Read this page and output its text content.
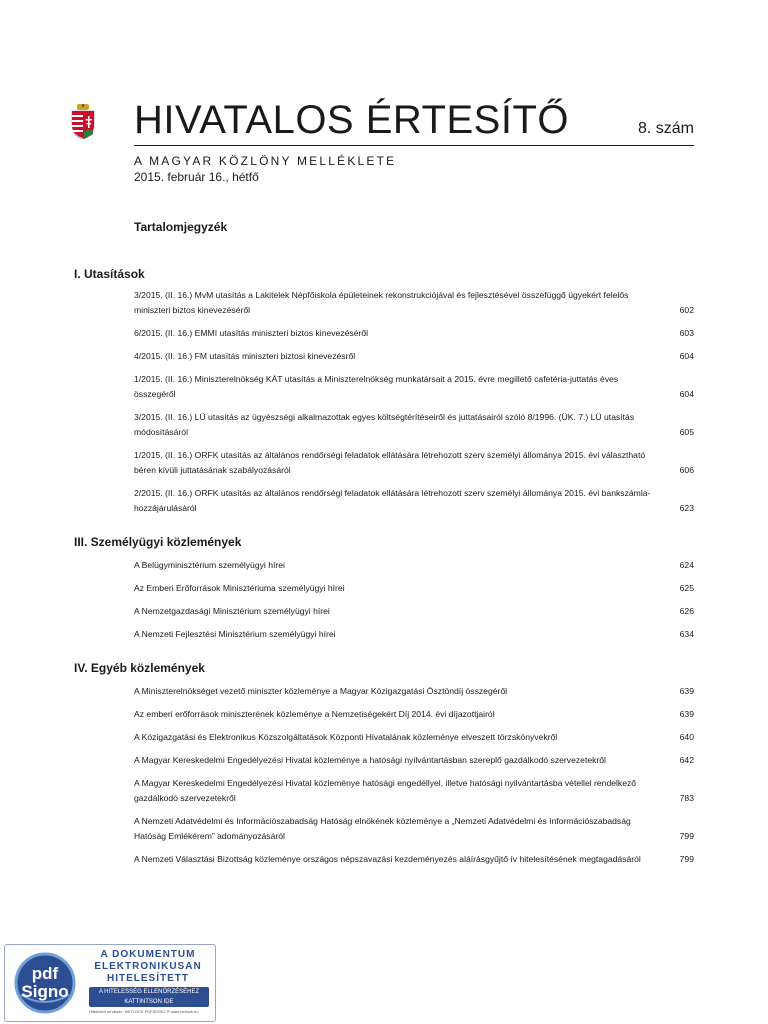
HIVATALOS ÉRTESÍTŐ	8. szám
A MAGYAR KÖZLÖNY MELLÉKLETE
2015. február 16., hétfő
Tartalomjegyzék
I. Utasítások
3/2015. (II. 16.) MvM utasítás a Lakitelek Népfőiskola épületeinek rekonstrukciójával és fejlesztésével összefüggő ügyekért felelős miniszteri biztos kinevezéséről	602
6/2015. (II. 16.) EMMI utasítás miniszteri biztos kinevezéséről	603
4/2015. (II. 16.) FM utasítás miniszteri biztosi kinevezésről	604
1/2015. (II. 16.) Miniszterelnökség KÁT utasítás a Miniszterelnökség munkatársait a 2015. évre megillető cafetéria-juttatás éves összegéről	604
3/2015. (II. 16.) LÜ utasítás az ügyészségi alkalmazottak egyes költségtérítéseiről és juttatásairól szóló 8/1996. (ÜK. 7.) LÜ utasítás módosításáról	605
1/2015. (II. 16.) ORFK utasítás az általános rendőrségi feladatok ellátására létrehozott szerv személyi állománya 2015. évi választható béren kívüli juttatásának szabályozásáról	606
2/2015. (II. 16.) ORFK utasítás az általános rendőrségi feladatok ellátására létrehozott szerv személyi állománya 2015. évi bankszámla-hozzájárulásáról	623
III. Személyügyi közlemények
A Belügyminisztérium személyügyi hírei	624
Az Emberi Erőforrások Minisztériuma személyügyi hírei	625
A Nemzetgazdasági Minisztérium személyügyi hírei	626
A Nemzeti Fejlesztési Minisztérium személyügyi hírei	634
IV. Egyéb közlemények
A Miniszterelnökséget vezető miniszter közleménye a Magyar Közigazgatási Ösztöndíj összegéről	639
Az emberi erőforrások miniszterének közleménye a Nemzetiségekért Díj 2014. évi díjazottjairól	639
A Közigazgatási és Elektronikus Közszolgáltatások Központi Hivatalának közleménye elveszett törzskönyvekről	640
A Magyar Kereskedelmi Engedélyezési Hivatal közleménye a hatósági nyilvántartásban szereplő gazdálkodó szervezetekről	642
A Magyar Kereskedelmi Engedélyezési Hivatal közleménye hatósági engedéllyel, illetve hatósági nyilvántartásba vétellel rendelkező gazdálkodó szervezetekről	783
A Nemzeti Adatvédelmi és Információszabadság Hatóság elnökének közleménye a „Nemzeti Adatvédelmi és Információszabadság Hatóság Emlékérem” adományozásáról	799
A Nemzeti Választási Bizottság közleménye országos népszavazási kezdeményezés aláírásgyűjtő ív hitelesítésének megtagadásáról	799
pdf
Signo
A DOKUMENTUM
ELEKTRONIKUSAN
HITELESÍTETT
A HITELESSÉG ELLENŐRZÉSÉHEZ KATTINTSON IDE
Hitelesítő rendszer: NETLOCK PDFSIGNO ® www.netlock.hu
